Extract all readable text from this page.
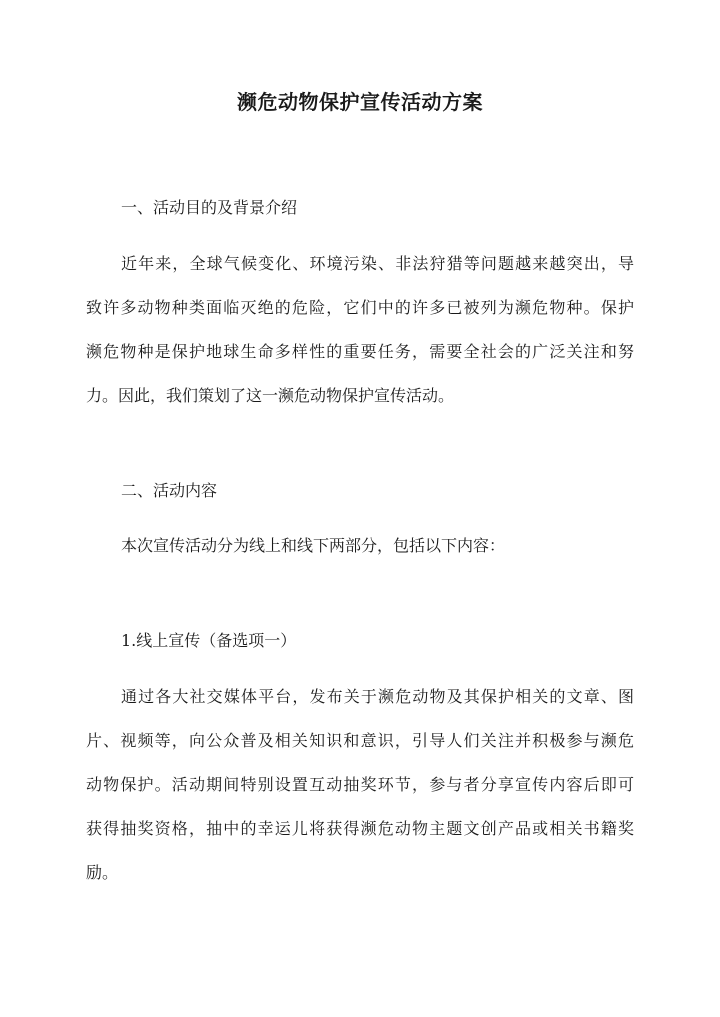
濒危动物保护宣传活动方案

一、活动目的及背景介绍

近年来，全球气候变化、环境污染、非法狩猎等问题越来越突出，导
致许多动物种类面临灭绝的危险，它们中的许多已被列为濒危物种。保护
濒危物种是保护地球生命多样性的重要任务，需要全社会的广泛关注和努
力。因此，我们策划了这一濒危动物保护宣传活动。

二、活动内容

本次宣传活动分为线上和线下两部分，包括以下内容：

1.线上宣传（备选项一）

通过各大社交媒体平台，发布关于濒危动物及其保护相关的文章、图
片、视频等，向公众普及相关知识和意识，引导人们关注并积极参与濒危
动物保护。活动期间特别设置互动抽奖环节，参与者分享宣传内容后即可
获得抽奖资格，抽中的幸运儿将获得濒危动物主题文创产品或相关书籍奖
励。
